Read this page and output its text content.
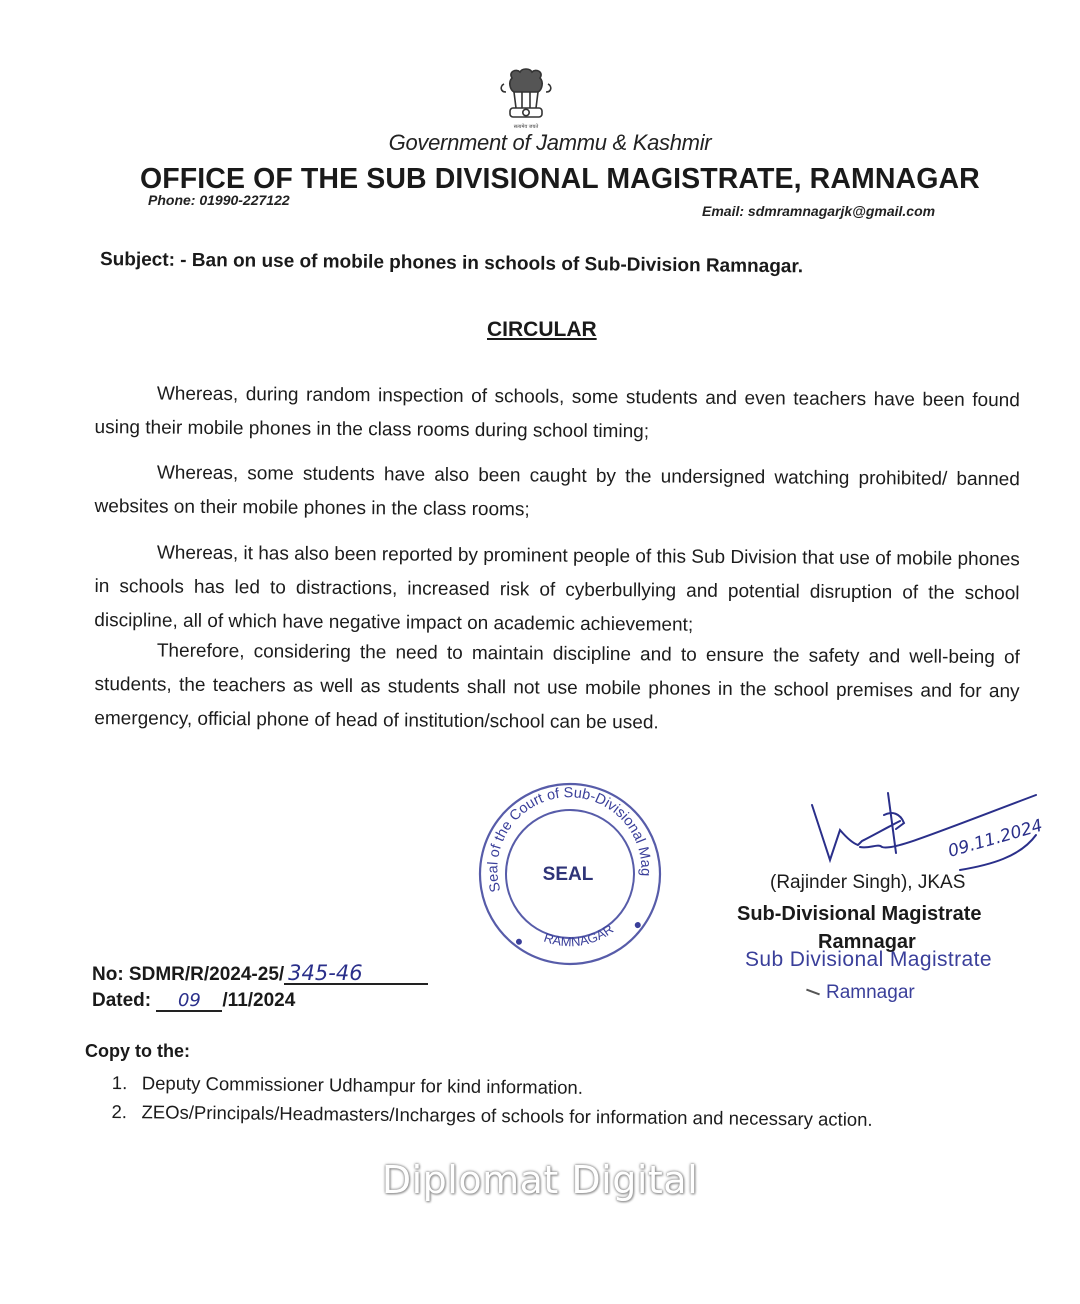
सत्यमेव जयते
Government of Jammu & Kashmir
OFFICE OF THE SUB DIVISIONAL MAGISTRATE, RAMNAGAR
Phone: 01990-227122
Email: sdmramnagarjk@gmail.com
Subject: - Ban on use of mobile phones in schools of Sub-Division Ramnagar.
CIRCULAR

Whereas, during random inspection of schools, some students and even teachers have been found using their mobile phones in the class rooms during school timing;

Whereas, some students have also been caught by the undersigned watching prohibited/ banned websites on their mobile phones in the class rooms;

Whereas, it has also been reported by prominent people of this Sub Division that use of mobile phones in schools has led to distractions, increased risk of cyberbullying and potential disruption of the school discipline, all of which have negative impact on academic achievement;

Therefore, considering the need to maintain discipline and to ensure the safety and well-being of students, the teachers as well as students shall not use mobile phones in the school premises and for any emergency, official phone of head of institution/school can be used.

Seal of the Court of Sub-Divisional Magistrate
RAMNAGAR
SEAL
09.11.2024
(Rajinder Singh), JKAS
Sub-Divisional Magistrate
Ramnagar
Sub Divisional Magistrate
Ramnagar
No: SDMR/R/2024-25/ 345-46
Dated: 09 /11/2024
Copy to the:
1. Deputy Commissioner Udhampur for kind information.
2. ZEOs/Principals/Headmasters/Incharges of schools for information and necessary action.
Diplomat Digital
